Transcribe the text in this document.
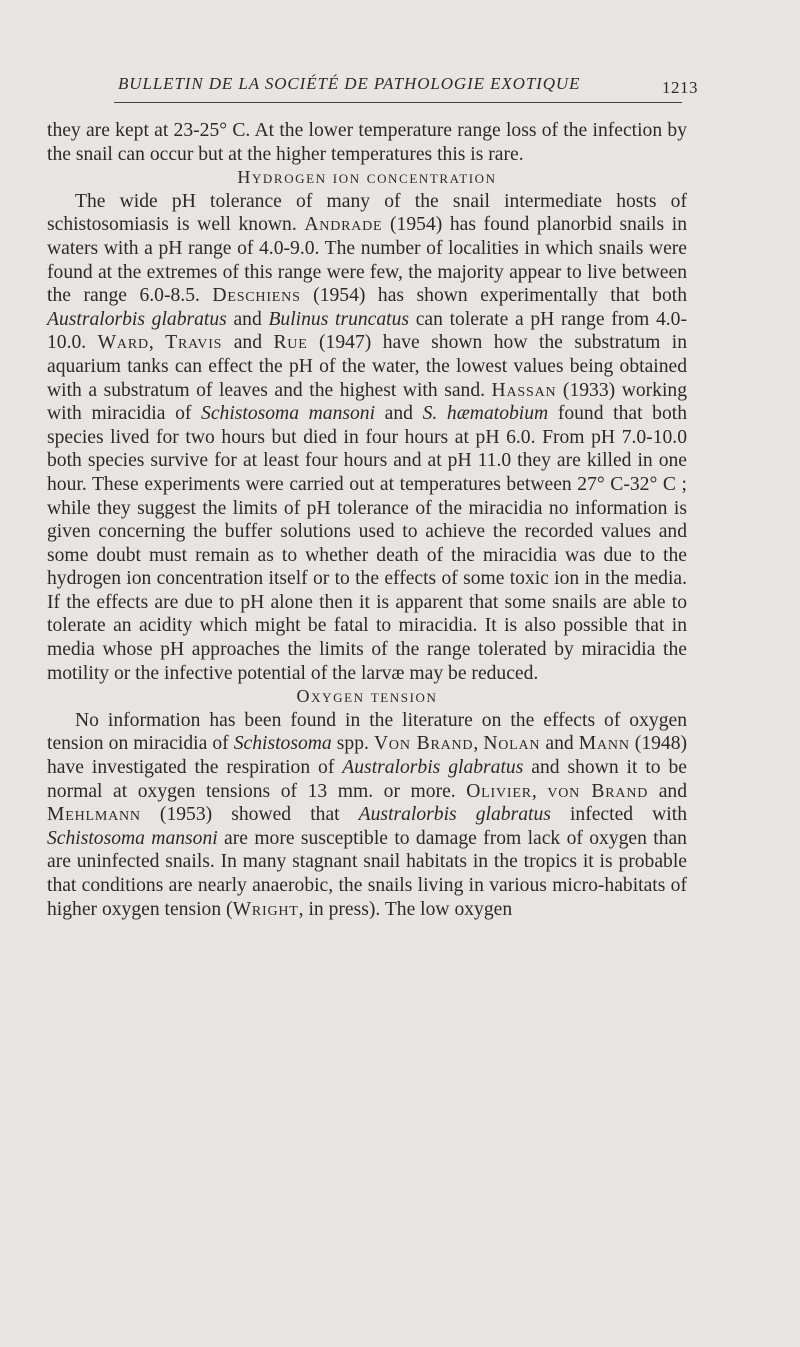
BULLETIN DE LA SOCIÉTÉ DE PATHOLOGIE EXOTIQUE	1213

they are kept at 23-25° C. At the lower temperature range loss of the infection by the snail can occur but at the higher temperatures this is rare.

Hydrogen ion concentration

The wide pH tolerance of many of the snail intermediate hosts of schistosomiasis is well known. Andrade (1954) has found planorbid snails in waters with a pH range of 4.0-9.0. The number of localities in which snails were found at the extremes of this range were few, the majority appear to live between the range 6.0-8.5. Deschiens (1954) has shown experimentally that both Australorbis glabratus and Bulinus truncatus can tolerate a pH range from 4.0-10.0. Ward, Travis and Rue (1947) have shown how the substratum in aquarium tanks can effect the pH of the water, the lowest values being obtained with a substratum of leaves and the highest with sand. Hassan (1933) working with miracidia of Schistosoma mansoni and S. hæmatobium found that both species lived for two hours but died in four hours at pH 6.0. From pH 7.0-10.0 both species survive for at least four hours and at pH 11.0 they are killed in one hour. These experiments were carried out at temperatures between 27° C-32° C ; while they suggest the limits of pH tolerance of the miracidia no information is given concerning the buffer solutions used to achieve the recorded values and some doubt must remain as to whether death of the miracidia was due to the hydrogen ion concentration itself or to the effects of some toxic ion in the media. If the effects are due to pH alone then it is apparent that some snails are able to tolerate an acidity which might be fatal to miracidia. It is also possible that in media whose pH approaches the limits of the range tolerated by miracidia the motility or the infective potential of the larvæ may be reduced.

Oxygen tension

No information has been found in the literature on the effects of oxygen tension on miracidia of Schistosoma spp. Von Brand, Nolan and Mann (1948) have investigated the respiration of Australorbis glabratus and shown it to be normal at oxygen tensions of 13 mm. or more. Olivier, von Brand and Mehlmann (1953) showed that Australorbis glabratus infected with Schistosoma mansoni are more susceptible to damage from lack of oxygen than are uninfected snails. In many stagnant snail habitats in the tropics it is probable that conditions are nearly anaerobic, the snails living in various micro-habitats of higher oxygen tension (Wright, in press). The low oxygen
